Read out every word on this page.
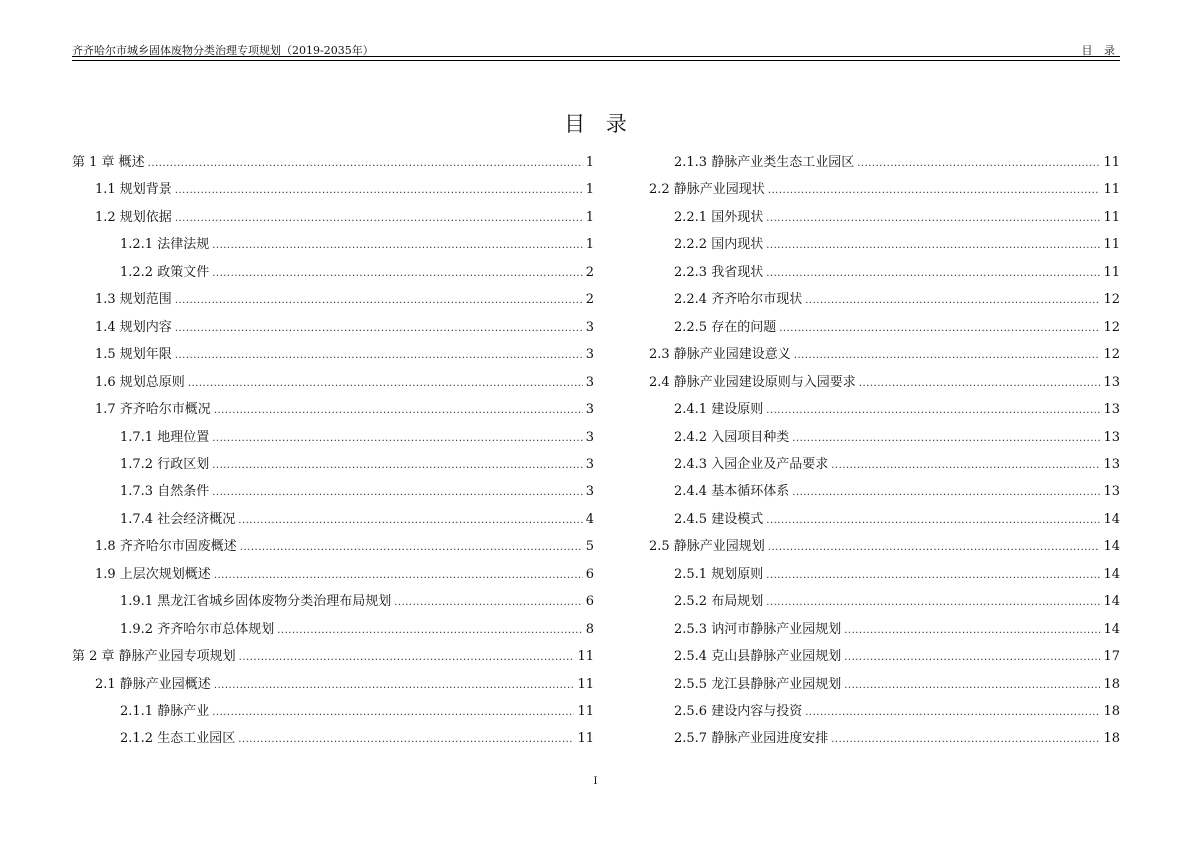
齐齐哈尔市城乡固体废物分类治理专项规划（2019-2035年）	目 录
目 录
第 1 章 概述 .....	1
1.1 规划背景 .....	1
1.2 规划依据 .....	1
1.2.1 法律法规 .....	1
1.2.2 政策文件 .....	2
1.3 规划范围 .....	2
1.4 规划内容 .....	3
1.5 规划年限 .....	3
1.6 规划总原则 .....	3
1.7 齐齐哈尔市概况 .....	3
1.7.1 地理位置 .....	3
1.7.2 行政区划 .....	3
1.7.3 自然条件 .....	3
1.7.4 社会经济概况 .....	4
1.8 齐齐哈尔市固废概述 .....	5
1.9 上层次规划概述 .....	6
1.9.1 黑龙江省城乡固体废物分类治理布局规划 .....	6
1.9.2 齐齐哈尔市总体规划 .....	8
第 2 章 静脉产业园专项规划 .....	11
2.1 静脉产业园概述 .....	11
2.1.1 静脉产业 .....	11
2.1.2 生态工业园区 .....	11
2.1.3 静脉产业类生态工业园区 .....	11
2.2 静脉产业园现状 .....	11
2.2.1 国外现状 .....	11
2.2.2 国内现状 .....	11
2.2.3 我省现状 .....	11
2.2.4 齐齐哈尔市现状 .....	12
2.2.5 存在的问题 .....	12
2.3 静脉产业园建设意义 .....	12
2.4 静脉产业园建设原则与入园要求 .....	13
2.4.1 建设原则 .....	13
2.4.2 入园项目种类 .....	13
2.4.3 入园企业及产品要求 .....	13
2.4.4 基本循环体系 .....	13
2.4.5 建设模式 .....	14
2.5 静脉产业园规划 .....	14
2.5.1 规划原则 .....	14
2.5.2 布局规划 .....	14
2.5.3 讷河市静脉产业园规划 .....	14
2.5.4 克山县静脉产业园规划 .....	17
2.5.5 龙江县静脉产业园规划 .....	18
2.5.6 建设内容与投资 .....	18
2.5.7 静脉产业园进度安排 .....	18
I
